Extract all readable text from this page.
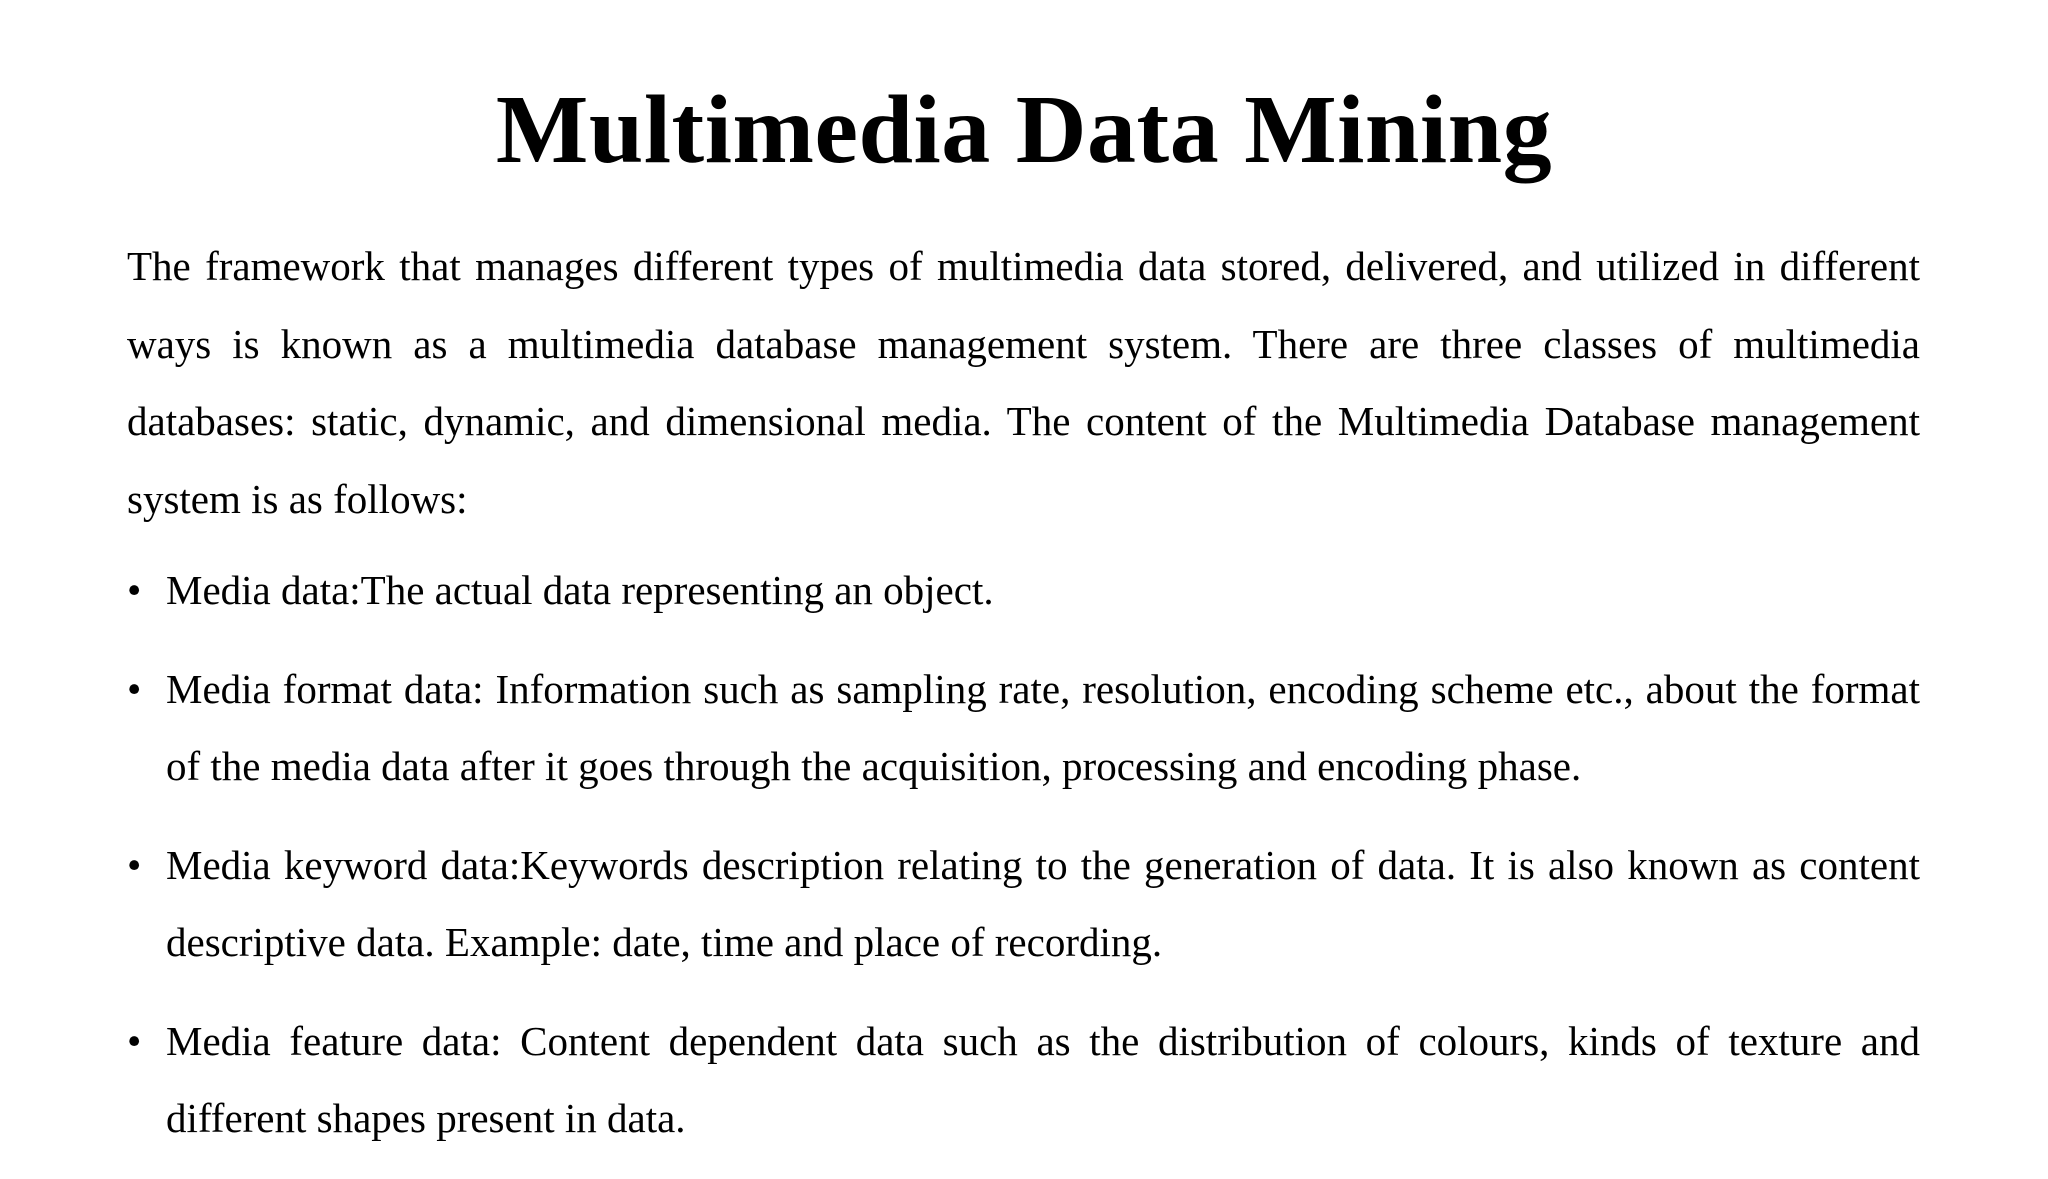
Multimedia Data Mining

The framework that manages different types of multimedia data stored, delivered, and utilized in different ways is known as a multimedia database management system. There are three classes of multimedia databases: static, dynamic, and dimensional media. The content of the Multimedia Database management system is as follows:

• Media data:The actual data representing an object.
• Media format data: Information such as sampling rate, resolution, encoding scheme etc., about the format of the media data after it goes through the acquisition, processing and encoding phase.
• Media keyword data:Keywords description relating to the generation of data. It is also known as content descriptive data. Example: date, time and place of recording.
• Media feature data: Content dependent data such as the distribution of colours, kinds of texture and different shapes present in data.
